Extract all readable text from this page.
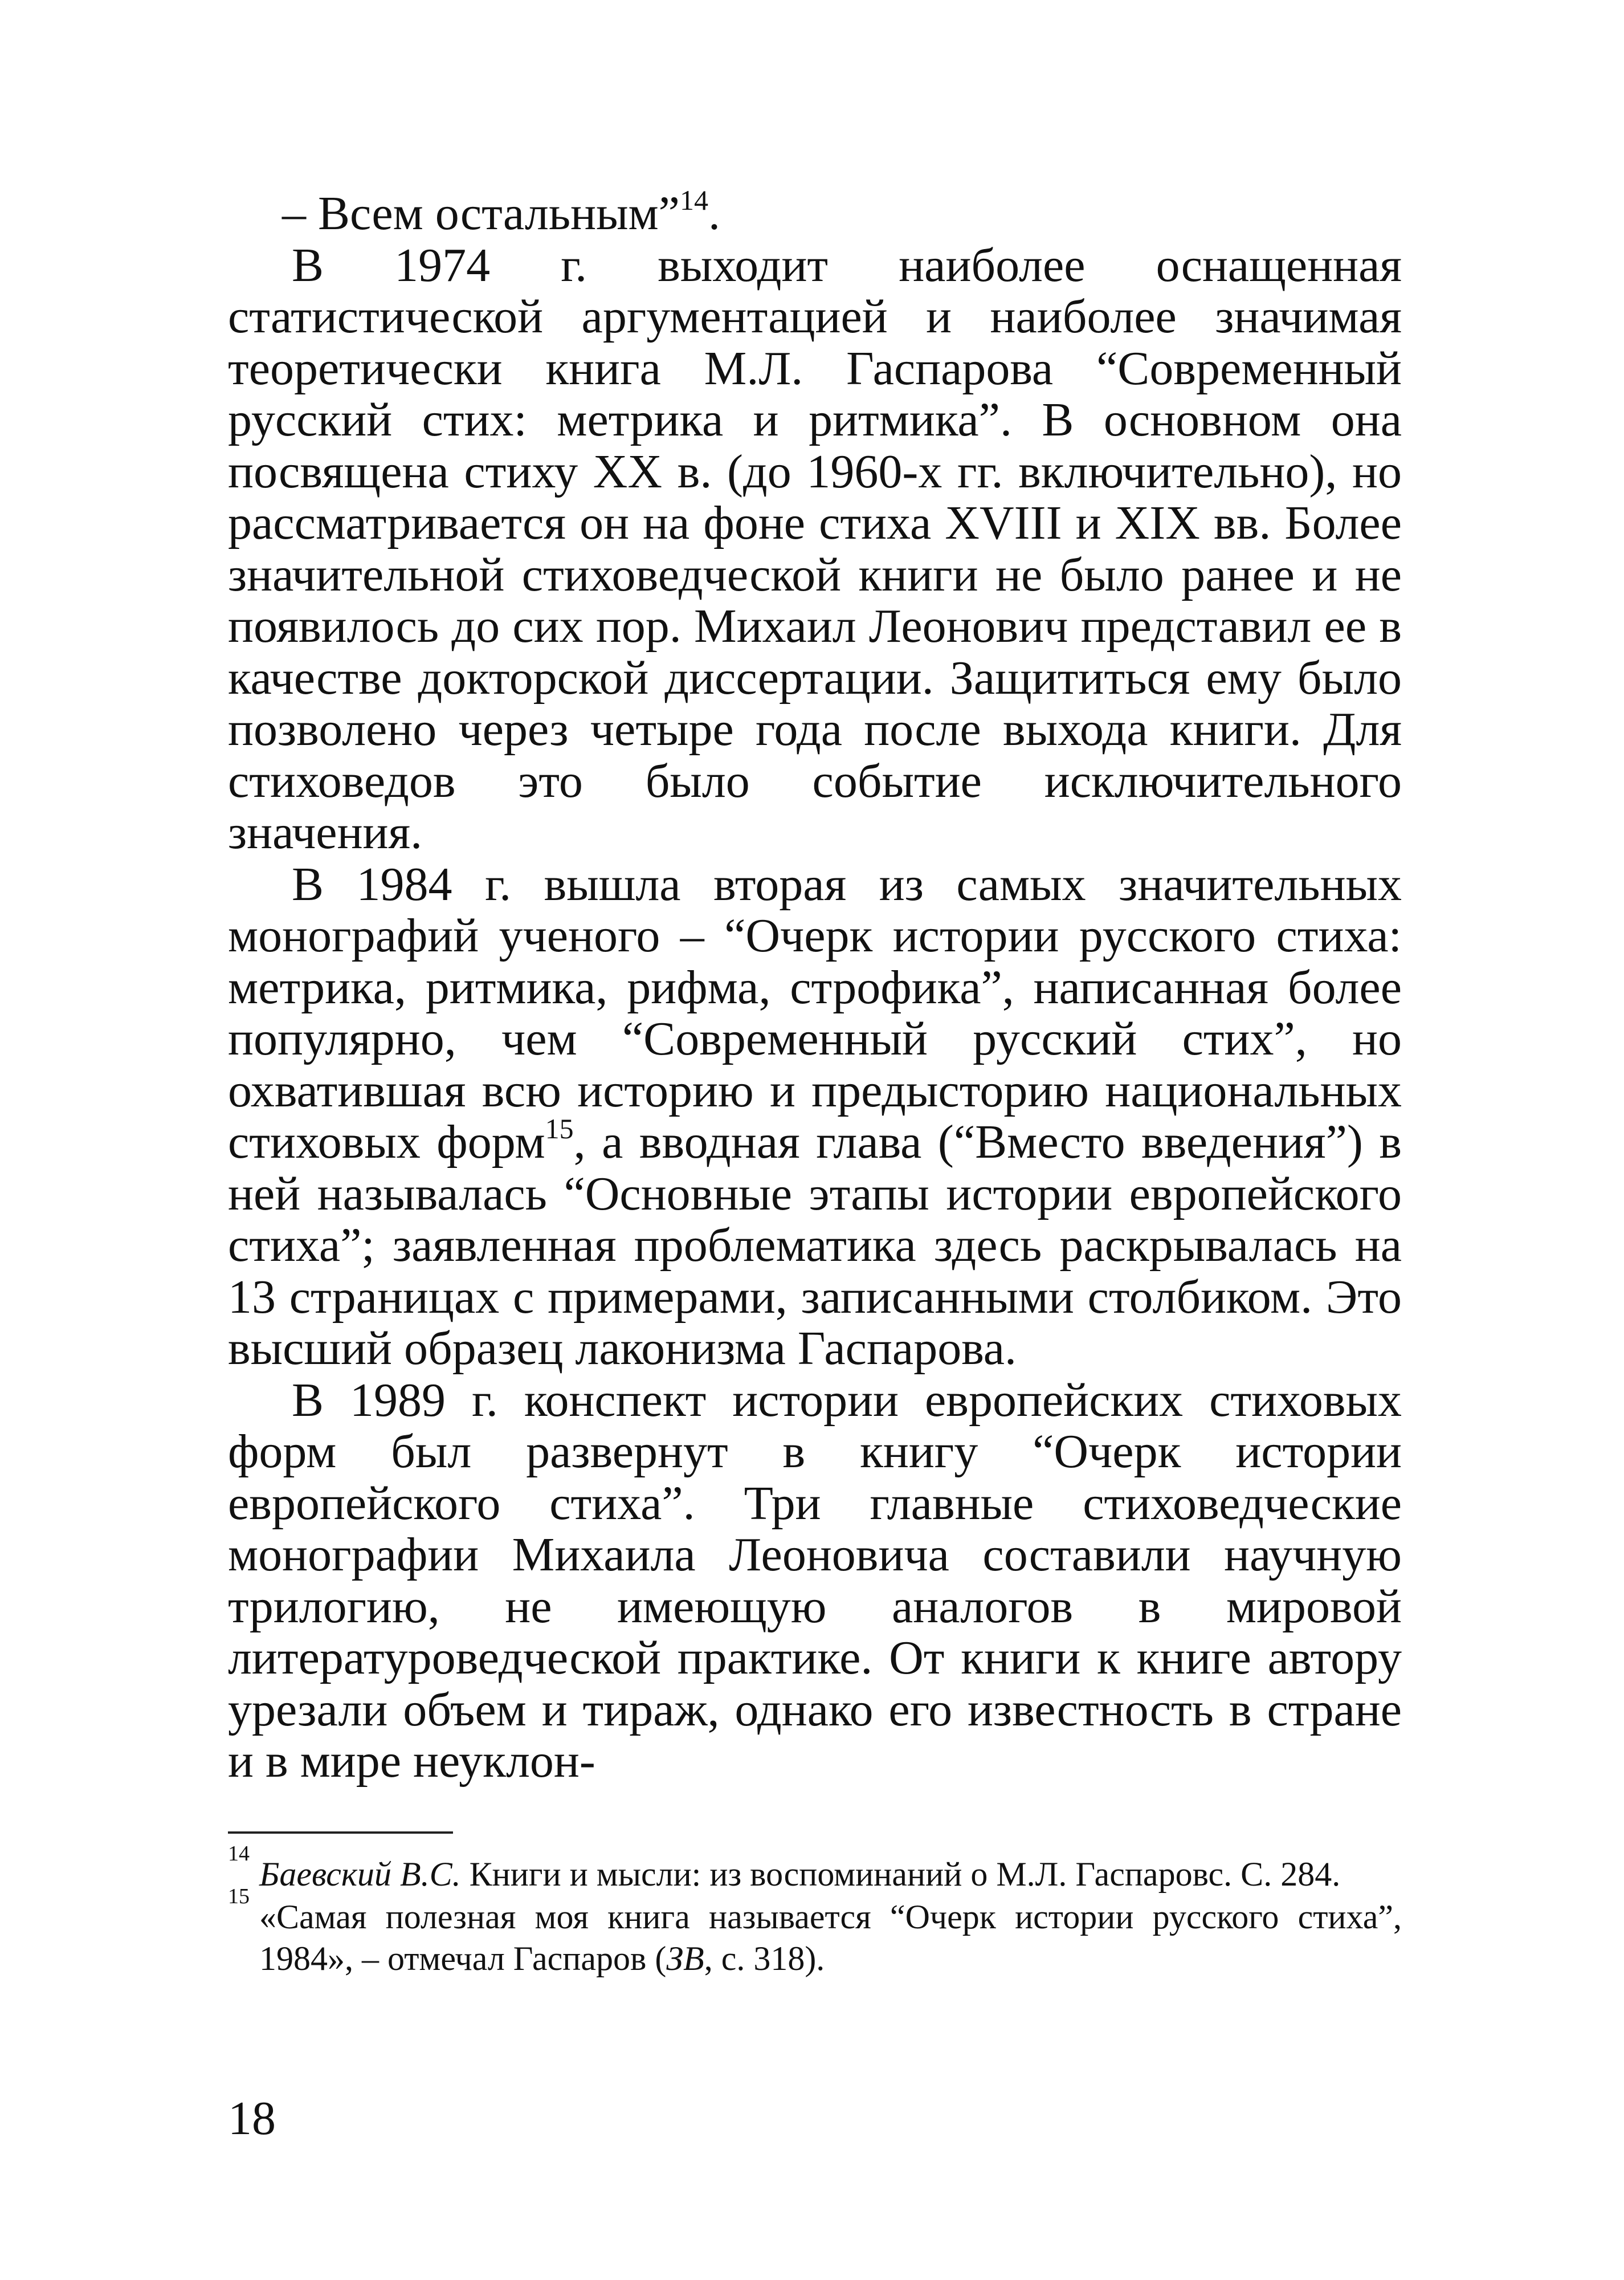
– Всем остальным”$^{14}$.

В 1974 г. выходит наиболее оснащенная статистической аргументацией и наиболее значимая теоретически книга М.Л. Гаспарова “Современный русский стих: метрика и ритмика”. В основном она посвящена стиху XX в. (до 1960-х гг. включительно), но рассматривается он на фоне стиха XVIII и XIX вв. Более значительной стиховедческой книги не было ранее и не появилось до сих пор. Михаил Леонович представил ее в качестве докторской диссертации. Защититься ему было позволено через четыре года после выхода книги. Для стиховедов это было событие исключительного значения.

В 1984 г. вышла вторая из самых значительных монографий ученого – “Очерк истории русского стиха: метрика, ритмика, рифма, строфика”, написанная более популярно, чем “Современный русский стих”, но охватившая всю историю и предысторию национальных стиховых форм$^{15}$, а вводная глава (“Вместо введения”) в ней называлась “Основные этапы истории европейского стиха”; заявленная проблематика здесь раскрывалась на 13 страницах с примерами, записанными столбиком. Это высший образец лаконизма Гаспарова.

В 1989 г. конспект истории европейских стиховых форм был развернут в книгу “Очерк истории европейского стиха”. Три главные стиховедческие монографии Михаила Леоновича составили научную трилогию, не имеющую аналогов в мировой литературоведческой практике. От книги к книге автору урезали объем и тираж, однако его известность в стране и в мире неуклон-

14
Баевский В.С. Книги и мысли: из воспоминаний о М.Л. Гаспаровс. С. 284.

15
«Самая полезная моя книга называется “Очерк истории русского стиха”, 1984», – отмечал Гаспаров (ЗВ, с. 318).

18
